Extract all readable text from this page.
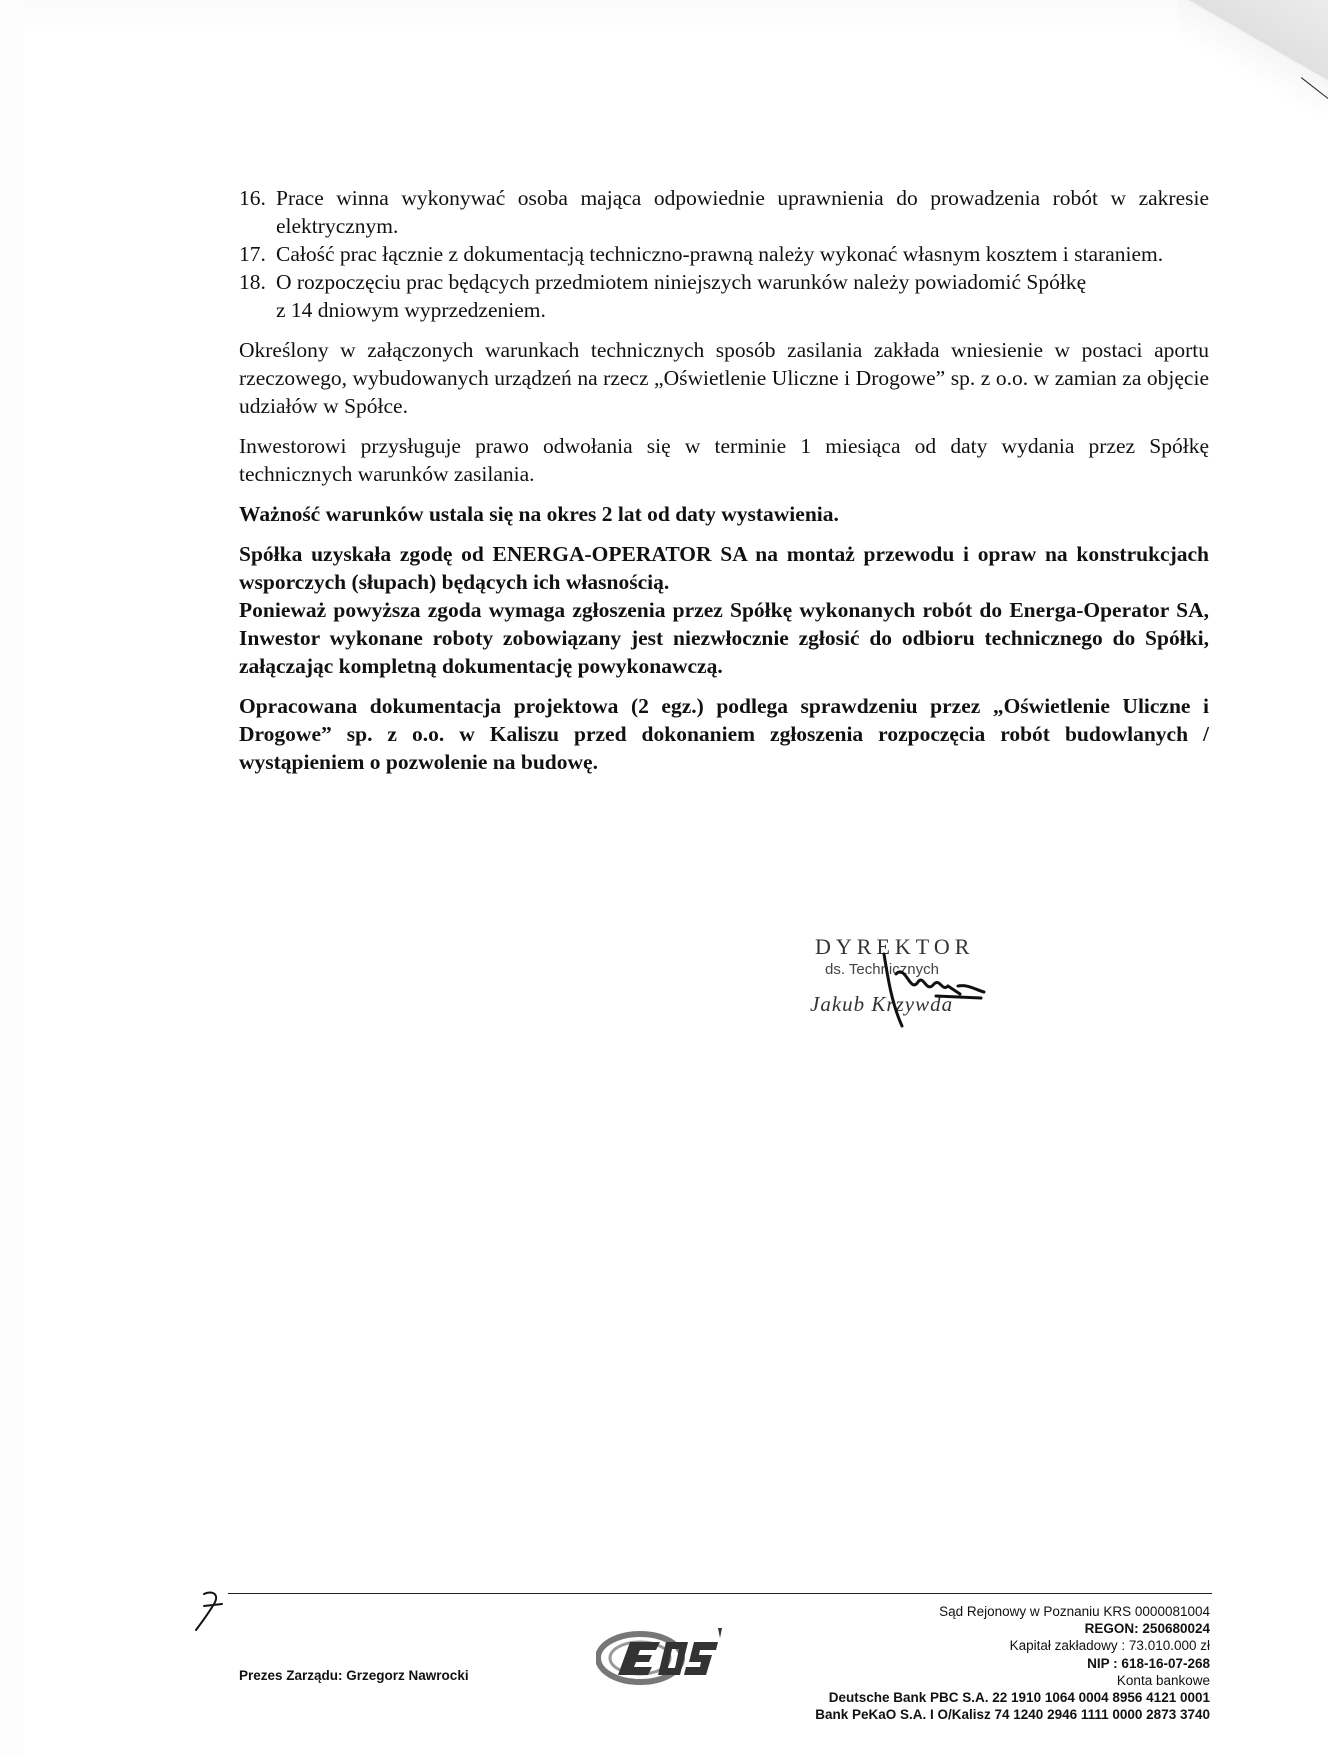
16. Prace winna wykonywać osoba mająca odpowiednie uprawnienia do prowadzenia robót w zakresie elektrycznym.
17. Całość prac łącznie z dokumentacją techniczno-prawną należy wykonać własnym kosztem i staraniem.
18. O rozpoczęciu prac będących przedmiotem niniejszych warunków należy powiadomić Spółkę
z 14 dniowym wyprzedzeniem.

Określony w załączonych warunkach technicznych sposób zasilania zakłada wniesienie w postaci aportu rzeczowego, wybudowanych urządzeń na rzecz „Oświetlenie Uliczne i Drogowe” sp. z o.o. w zamian za objęcie udziałów w Spółce.

Inwestorowi przysługuje prawo odwołania się w terminie 1 miesiąca od daty wydania przez Spółkę technicznych warunków zasilania.

Ważność warunków ustala się na okres 2 lat od daty wystawienia.

Spółka uzyskała zgodę od ENERGA-OPERATOR SA na montaż przewodu i opraw na konstrukcjach wsporczych (słupach) będących ich własnością.

Ponieważ powyższa zgoda wymaga zgłoszenia przez Spółkę wykonanych robót do Energa-Operator SA, Inwestor wykonane roboty zobowiązany jest niezwłocznie zgłosić do odbioru technicznego do Spółki, załączając kompletną dokumentację powykonawczą.

Opracowana dokumentacja projektowa (2 egz.) podlega sprawdzeniu przez „Oświetlenie Uliczne i Drogowe” sp. z o.o. w Kaliszu przed dokonaniem zgłoszenia rozpoczęcia robót budowlanych / wystąpieniem o pozwolenie na budowę.

DYREKTOR
ds. Technicznych
Jakub Krzywda
Prezes Zarządu: Grzegorz Nawrocki
Sąd Rejonowy w Poznaniu KRS 0000081004
REGON: 250680024
Kapitał zakładowy : 73.010.000 zł
NIP : 618-16-07-268
Konta bankowe
Deutsche Bank PBC S.A. 22 1910 1064 0004 8956 4121 0001
Bank PeKaO S.A. I O/Kalisz 74 1240 2946 1111 0000 2873 3740
